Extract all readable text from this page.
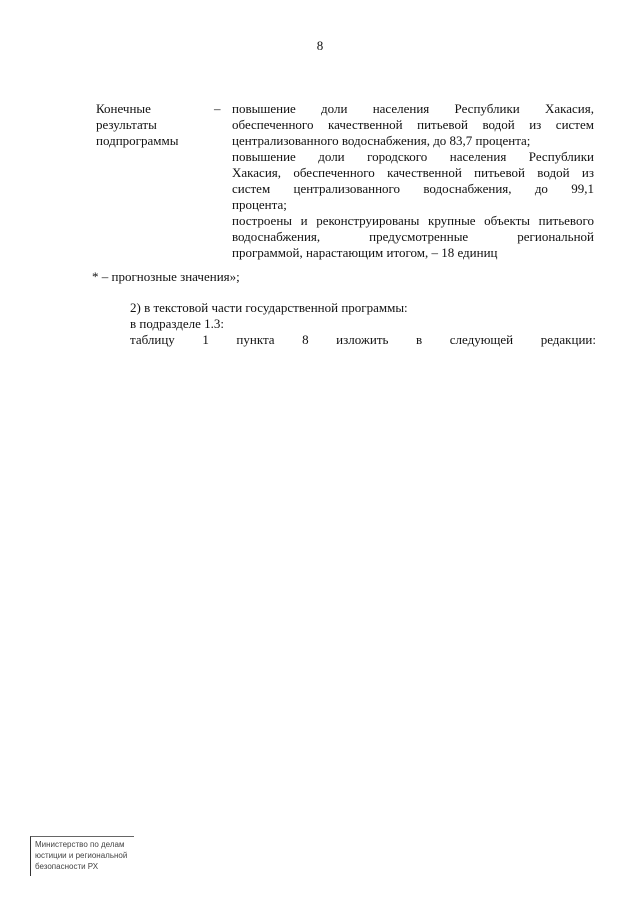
8
Конечные
результаты
подпрограммы
– повышение доли населения Республики Хакасия,
обеспеченного качественной питьевой водой из систем
централизованного водоснабжения, до 83,7 процента;
повышение доли городского населения Республики
Хакасия, обеспеченного качественной питьевой водой из
систем централизованного водоснабжения, до 99,1
процента;
построены и реконструированы крупные объекты питьевого
водоснабжения, предусмотренные региональной
программой, нарастающим итогом, – 18 единиц
* – прогнозные значения»;
2) в текстовой части государственной программы:
в подразделе 1.3:
таблицу 1 пункта 8 изложить в следующей редакции:
Министерство по делам
юстиции и региональной
безопасности РХ
